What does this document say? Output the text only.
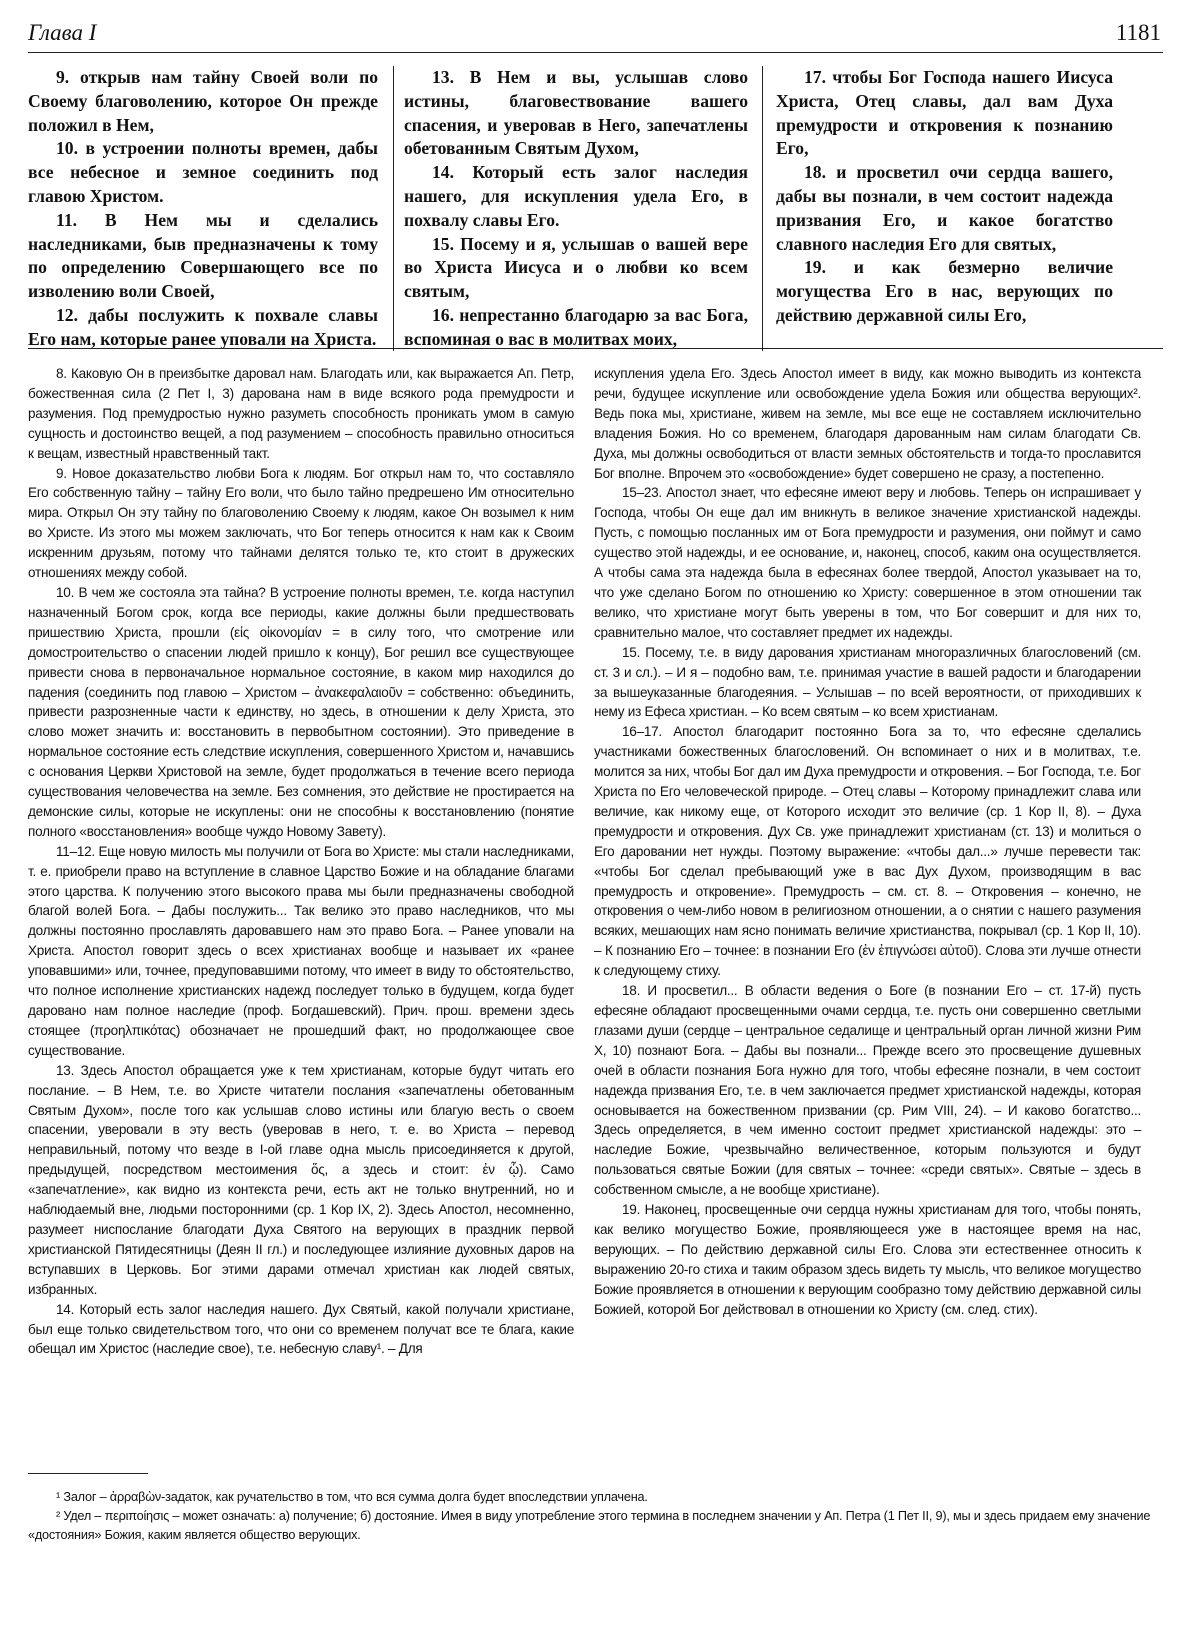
Глава I	1181

9. открыв нам тайну Своей воли по Своему благоволению, которое Он прежде положил в Нем,

10. в устроении полноты времен, дабы все небесное и земное соединить под главою Христом.

11. В Нем мы и сделались наследниками, быв предназначены к тому по определению Совершающего все по изволению воли Своей,

12. дабы послужить к похвале славы Его нам, которые ранее уповали на Христа.

13. В Нем и вы, услышав слово истины, благовествование вашего спасения, и уверовав в Него, запечатлены обетованным Святым Духом,

14. Который есть залог наследия нашего, для искупления удела Его, в похвалу славы Его.

15. Посему и я, услышав о вашей вере во Христа Иисуса и о любви ко всем святым,

16. непрестанно благодарю за вас Бога, вспоминая о вас в молитвах моих,

17. чтобы Бог Господа нашего Иисуса Христа, Отец славы, дал вам Духа премудрости и откровения к познанию Его,

18. и просветил очи сердца вашего, дабы вы познали, в чем состоит надежда призвания Его, и какое богатство славного наследия Его для святых,

19. и как безмерно величие могущества Его в нас, верующих по действию державной силы Его,

8. Каковую Он в преизбытке даровал нам. Благодать или, как выражается Ап. Петр, божественная сила (2 Пет I, 3) дарована нам в виде всякого рода премудрости и разумения. Под премудростью нужно разуметь способность проникать умом в самую сущность и достоинство вещей, а под разумением – способность правильно относиться к вещам, известный нравственный такт.

9. Новое доказательство любви Бога к людям. Бог открыл нам то, что составляло Его собственную тайну – тайну Его воли, что было тайно предрешено Им относительно мира. Открыл Он эту тайну по благоволению Своему к людям, какое Он возымел к ним во Христе. Из этого мы можем заключать, что Бог теперь относится к нам как к Своим искренним друзьям, потому что тайнами делятся только те, кто стоит в дружеских отношениях между собой.

10. В чем же состояла эта тайна? В устроение полноты времен, т.е. когда наступил назначенный Богом срок, когда все периоды, какие должны были предшествовать пришествию Христа, прошли (εἰς οἰκονομίαν = в силу того, что смотрение или домостроительство о спасении людей пришло к концу), Бог решил все существующее привести снова в первоначальное нормальное состояние, в каком мир находился до падения (соединить под главою – Христом – ἀνακεφαλαιοῦν = собственно: объединить, привести разрозненные части к единству, но здесь, в отношении к делу Христа, это слово может значить и: восстановить в первобытном состоянии). Это приведение в нормальное состояние есть следствие искупления, совершенного Христом и, начавшись с основания Церкви Христовой на земле, будет продолжаться в течение всего периода существования человечества на земле. Без сомнения, это действие не простирается на демонские силы, которые не искуплены: они не способны к восстановлению (понятие полного «восстановления» вообще чуждо Новому Завету).

11–12. Еще новую милость мы получили от Бога во Христе: мы стали наследниками, т. е. приобрели право на вступление в славное Царство Божие и на обладание благами этого царства. К получению этого высокого права мы были предназначены свободной благой волей Бога. – Дабы послужить... Так велико это право наследников, что мы должны постоянно прославлять даровавшего нам это право Бога. – Ранее уповали на Христа. Апостол говорит здесь о всех христианах вообще и называет их «ранее уповавшими» или, точнее, предуповавшими потому, что имеет в виду то обстоятельство, что полное исполнение христианских надежд последует только в будущем, когда будет даровано нам полное наследие (проф. Богдашевский). Прич. прош. времени здесь стоящее (προηλπικότας) обозначает не прошедший факт, но продолжающее свое существование.

13. Здесь Апостол обращается уже к тем христианам, которые будут читать его послание. – В Нем, т.е. во Христе читатели послания «запечатлены обетованным Святым Духом», после того как услышав слово истины или благую весть о своем спасении, уверовали в эту весть (уверовав в него, т. е. во Христа – перевод неправильный, потому что везде в I-ой главе одна мысль присоединяется к другой, предыдущей, посредством местоимения ὅς, а здесь и стоит: ἐν ᾧ). Само «запечатление», как видно из контекста речи, есть акт не только внутренний, но и наблюдаемый вне, людьми посторонними (ср. 1 Кор IX, 2). Здесь Апостол, несомненно, разумеет ниспослание благодати Духа Святого на верующих в праздник первой христианской Пятидесятницы (Деян II гл.) и последующее излияние духовных даров на вступавших в Церковь. Бог этими дарами отмечал христиан как людей святых, избранных.

14. Который есть залог наследия нашего. Дух Святый, какой получали христиане, был еще только свидетельством того, что они со временем получат все те блага, какие обещал им Христос (наследие свое), т.е. небесную славу¹. – Для

искупления удела Его. Здесь Апостол имеет в виду, как можно выводить из контекста речи, будущее искупление или освобождение удела Божия или общества верующих². Ведь пока мы, христиане, живем на земле, мы все еще не составляем исключительно владения Божия. Но со временем, благодаря дарованным нам силам благодати Св. Духа, мы должны освободиться от власти земных обстоятельств и тогда-то прославится Бог вполне. Впрочем это «освобождение» будет совершено не сразу, а постепенно.

15–23. Апостол знает, что ефесяне имеют веру и любовь. Теперь он испрашивает у Господа, чтобы Он еще дал им вникнуть в великое значение христианской надежды. Пусть, с помощью посланных им от Бога премудрости и разумения, они поймут и само существо этой надежды, и ее основание, и, наконец, способ, каким она осуществляется. А чтобы сама эта надежда была в ефесянах более твердой, Апостол указывает на то, что уже сделано Богом по отношению ко Христу: совершенное в этом отношении так велико, что христиане могут быть уверены в том, что Бог совершит и для них то, сравнительно малое, что составляет предмет их надежды.

15. Посему, т.е. в виду дарования христианам многоразличных благословений (см. ст. 3 и сл.). – И я – подобно вам, т.е. принимая участие в вашей радости и благодарении за вышеуказанные благодеяния. – Услышав – по всей вероятности, от приходивших к нему из Ефеса христиан. – Ко всем святым – ко всем христианам.

16–17. Апостол благодарит постоянно Бога за то, что ефесяне сделались участниками божественных благословений. Он вспоминает о них и в молитвах, т.е. молится за них, чтобы Бог дал им Духа премудрости и откровения. – Бог Господа, т.е. Бог Христа по Его человеческой природе. – Отец славы – Которому принадлежит слава или величие, как никому еще, от Которого исходит это величие (ср. 1 Кор II, 8). – Духа премудрости и откровения. Дух Св. уже принадлежит христианам (ст. 13) и молиться о Его даровании нет нужды. Поэтому выражение: «чтобы дал...» лучше перевести так: «чтобы Бог сделал пребывающий уже в вас Дух Духом, производящим в вас премудрость и откровение». Премудрость – см. ст. 8. – Откровения – конечно, не откровения о чем-либо новом в религиозном отношении, а о снятии с нашего разумения всяких, мешающих нам ясно понимать величие христианства, покрывал (ср. 1 Кор II, 10). – К познанию Его – точнее: в познании Его (ἐν ἐπιγνώσει αὐτοῦ). Слова эти лучше отнести к следующему стиху.

18. И просветил... В области ведения о Боге (в познании Его – ст. 17-й) пусть ефесяне обладают просвещенными очами сердца, т.е. пусть они совершенно светлыми глазами души (сердце – центральное седалище и центральный орган личной жизни Рим X, 10) познают Бога. – Дабы вы познали... Прежде всего это просвещение душевных очей в области познания Бога нужно для того, чтобы ефесяне познали, в чем состоит надежда призвания Его, т.е. в чем заключается предмет христианской надежды, которая основывается на божественном призвании (ср. Рим VIII, 24). – И каково богатство... Здесь определяется, в чем именно состоит предмет христианской надежды: это – наследие Божие, чрезвычайно величественное, которым пользуются и будут пользоваться святые Божии (для святых – точнее: «среди святых». Святые – здесь в собственном смысле, а не вообще христиане).

19. Наконец, просвещенные очи сердца нужны христианам для того, чтобы понять, как велико могущество Божие, проявляющееся уже в настоящее время на нас, верующих. – По действию державной силы Его. Слова эти естественнее относить к выражению 20-го стиха и таким образом здесь видеть ту мысль, что великое могущество Божие проявляется в отношении к верующим сообразно тому действию державной силы Божией, которой Бог действовал в отношении ко Христу (см. след. стих).

¹ Залог – ἀρραβὼν-задаток, как ручательство в том, что вся сумма долга будет впоследствии уплачена.

² Удел – περιποίησις – может означать: а) получение; б) достояние. Имея в виду употребление этого термина в последнем значении у Ап. Петра (1 Пет II, 9), мы и здесь придаем ему значение «достояния» Божия, каким является общество верующих.
